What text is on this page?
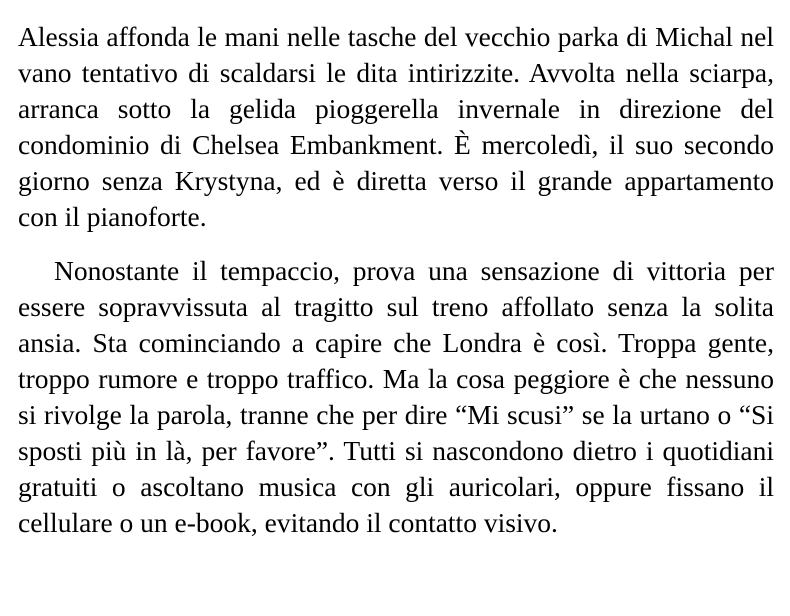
Alessia affonda le mani nelle tasche del vecchio parka di Michal nel vano tentativo di scaldarsi le dita intirizzite. Avvolta nella sciarpa, arranca sotto la gelida pioggerella invernale in direzione del condominio di Chelsea Embankment. È mercoledì, il suo secondo giorno senza Krystyna, ed è diretta verso il grande appartamento con il pianoforte.

Nonostante il tempaccio, prova una sensazione di vittoria per essere sopravvissuta al tragitto sul treno affollato senza la solita ansia. Sta cominciando a capire che Londra è così. Troppa gente, troppo rumore e troppo traffico. Ma la cosa peggiore è che nessuno si rivolge la parola, tranne che per dire “Mi scusi” se la urtano o “Si sposti più in là, per favore”. Tutti si nascondono dietro i quotidiani gratuiti o ascoltano musica con gli auricolari, oppure fissano il cellulare o un e-book, evitando il contatto visivo.
